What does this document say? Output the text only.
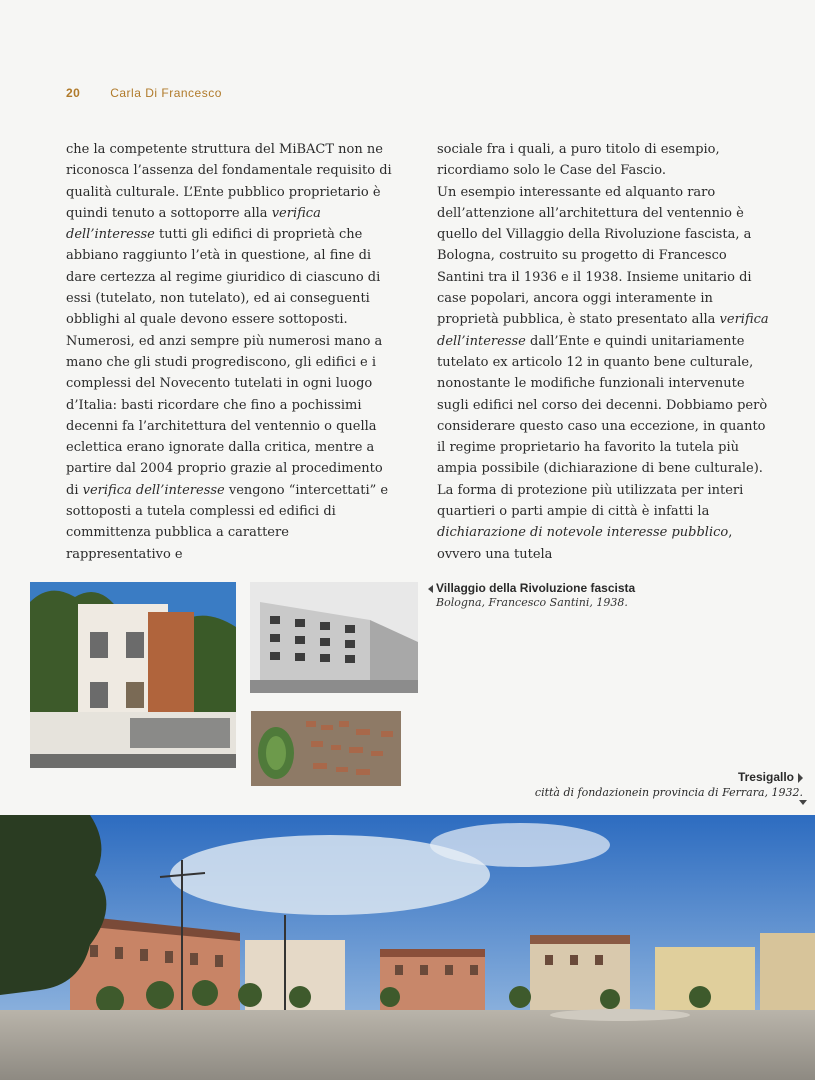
20 Carla Di Francesco

che la competente struttura del MiBACT non ne riconosca l’assenza del fondamentale requisito di qualità culturale. L’Ente pubblico proprietario è quindi tenuto a sottoporre alla verifica dell’interesse tutti gli edifici di proprietà che abbiano raggiunto l’età in questione, al fine di dare certezza al regime giuridico di ciascuno di essi (tutelato, non tutelato), ed ai conseguenti obblighi al quale devono essere sottoposti.

Numerosi, ed anzi sempre più numerosi mano a mano che gli studi progrediscono, gli edifici e i complessi del Novecento tutelati in ogni luogo d’Italia: basti ricordare che fino a pochissimi decenni fa l’architettura del ventennio o quella eclettica erano ignorate dalla critica, mentre a partire dal 2004 proprio grazie al procedimento di verifica dell’interesse vengono “intercettati” e sottoposti a tutela complessi ed edifici di committenza pubblica a carattere rappresentativo e

sociale fra i quali, a puro titolo di esempio, ricordiamo solo le Case del Fascio.

Un esempio interessante ed alquanto raro dell’attenzione all’architettura del ventennio è quello del Villaggio della Rivoluzione fascista, a Bologna, costruito su progetto di Francesco Santini tra il 1936 e il 1938. Insieme unitario di case popolari, ancora oggi interamente in proprietà pubblica, è stato presentato alla verifica dell’interesse dall’Ente e quindi unitariamente tutelato ex articolo 12 in quanto bene culturale, nonostante le modifiche funzionali intervenute sugli edifici nel corso dei decenni. Dobbiamo però considerare questo caso una eccezione, in quanto il regime proprietario ha favorito la tutela più ampia possibile (dichiarazione di bene culturale).

La forma di protezione più utilizzata per interi quartieri o parti ampie di città è infatti la dichiarazione di notevole interesse pubblico, ovvero una tutela

Villaggio della Rivoluzione fascista
Bologna, Francesco Santini, 1938.
Tresigallo
città di fondazionein provincia di Ferrara, 1932.
